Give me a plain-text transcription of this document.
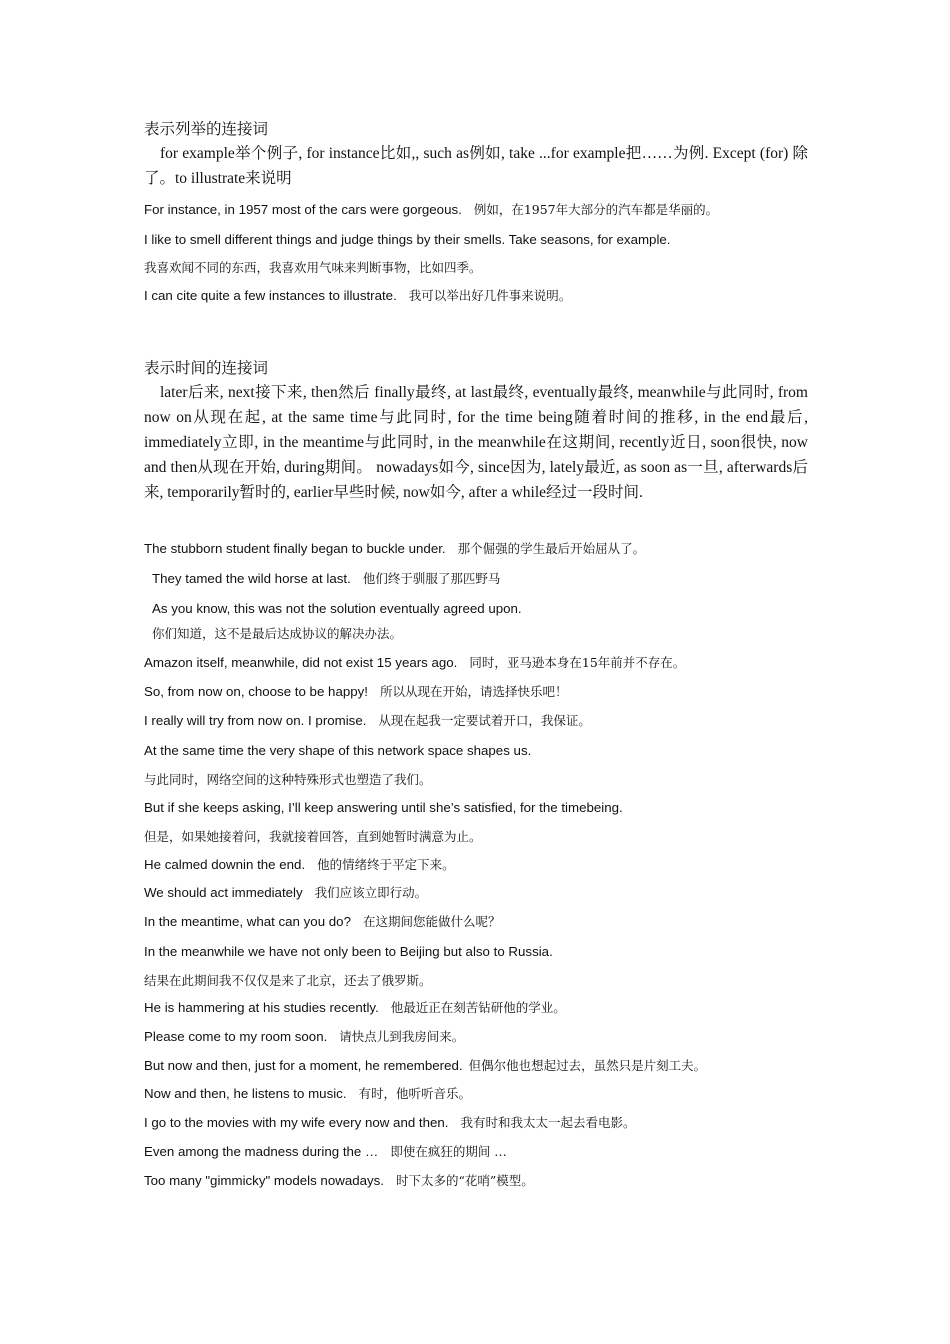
表示列举的连接词

for example举个例子, for instance比如,, such as例如, take ...for example把……为例. Except (for) 除了。to illustrate来说明

For instance, in 1957 most of the cars were gorgeous. 例如，在1957年大部分的汽车都是华丽的。
I like to smell different things and judge things by their smells. Take seasons, for example.
我喜欢闻不同的东西，我喜欢用气味来判断事物，比如四季。
I can cite quite a few instances to illustrate. 我可以举出好几件事来说明。
表示时间的连接词

later后来, next接下来, then然后 finally最终, at last最终, eventually最终, meanwhile与此同时, from now on从现在起, at the same time与此同时, for the time being随着时间的推移, in the end最后, immediately立即, in the meantime与此同时, in the meanwhile在这期间, recently近日, soon很快, now and then从现在开始, during期间。 nowadays如今, since因为, lately最近, as soon as一旦, afterwards后来, temporarily暂时的, earlier早些时候, now如今, after a while经过一段时间.

The stubborn student finally began to buckle under. 那个倔强的学生最后开始屈从了。
They tamed the wild horse at last. 他们终于驯服了那匹野马
As you know, this was not the solution eventually agreed upon.
你们知道，这不是最后达成协议的解决办法。
Amazon itself, meanwhile, did not exist 15 years ago. 同时，亚马逊本身在15年前并不存在。
So, from now on, choose to be happy! 所以从现在开始，请选择快乐吧！
I really will try from now on. I promise. 从现在起我一定要试着开口，我保证。
At the same time the very shape of this network space shapes us.
与此同时，网络空间的这种特殊形式也塑造了我们。
But if she keeps asking, I’ll keep answering until she’s satisfied, for the timebeing.
但是，如果她接着问，我就接着回答，直到她暂时满意为止。
He calmed downin the end. 他的情绪终于平定下来。
We should act immediately 我们应该立即行动。
In the meantime, what can you do? 在这期间您能做什么呢？
In the meanwhile we have not only been to Beijing but also to Russia.
结果在此期间我不仅仅是来了北京，还去了俄罗斯。
He is hammering at his studies recently. 他最近正在刻苦钻研他的学业。
Please come to my room soon. 请快点儿到我房间来。
But now and then, just for a moment, he remembered. 但偶尔他也想起过去，虽然只是片刻工夫。
Now and then, he listens to music. 有时，他听听音乐。
I go to the movies with my wife every now and then. 我有时和我太太一起去看电影。
Even among the madness during the … 即使在疯狂的期间 …
Too many "gimmicky" models nowadays. 时下太多的“花哨”模型。
